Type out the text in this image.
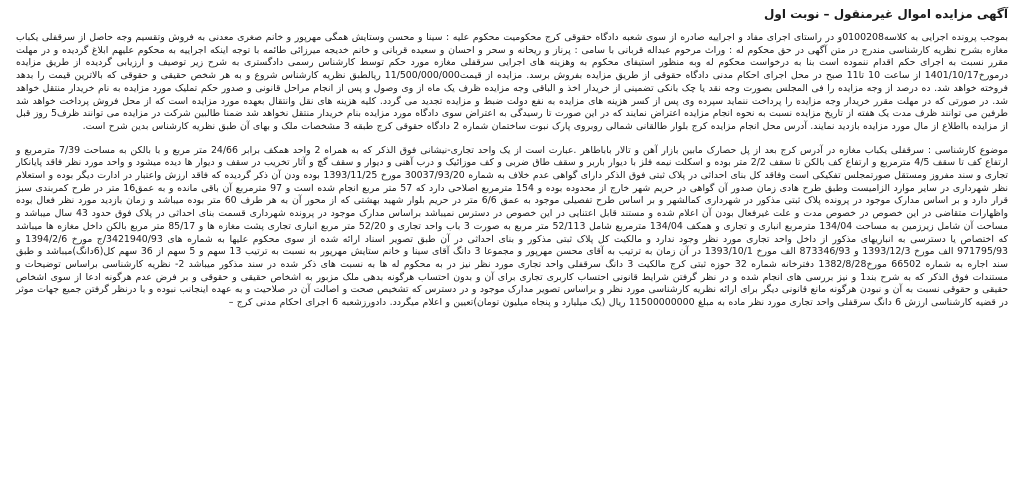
آگهی مزایده اموال غیرمنقول – نوبت اول

بموجب پرونده اجرایی به کلاسه0100208و در راستای اجرای مفاد و اجراییه صادره از سوی شعبه دادگاه حقوقی کرج محکومیت محکوم علیه : سینا و محسن وستایش همگی مهرپور و خانم صغری معدنی به فروش وتقسیم وجه حاصل از سرقفلی یکباب مغازه بشرح نظریه کارشناسی مندرج در متن آگهی در حق محکوم له : وراث مرحوم عبداله قربانی با سامی : پرناز و ریحانه و سحر و احسان و سعیده قربانی و خانم خدیجه میرزائی طائمه با توجه اینکه اجراییه به محکوم علیهم ابلاغ گردیده و در مهلت مقرر نسبت به اجرای حکم اقدام ننموده است بنا به درخواست محکوم له وبه منظور استیفای محکوم به وهزینه های اجرایی سرقفلی مغازه مورد حکم توسط کارشناس رسمی دادگستری به شرح زیر توصیف و ارزیابی گردیده از طریق مزایده درمورخ1401/10/17 از ساعت 10 تا11 صبح در محل اجرای احکام مدنی دادگاه حقوقی از طریق مزایده بفروش برسد. مزایده از قیمت11/500/000/000 ریالطبق نظریه کارشناس شروع و به هر شخص حقیقی و حقوقی که بالاترین قیمت را بدهد فروخته خواهد شد. ده درصد از وجه مزایده را فی المجلس بصورت وجه نقد یا چک بانکی تضمینی از خریدار اخذ و الباقی وجه مزایده ظرف یک ماه از وی وصول و پس از انجام مراحل قانونی و صدور حکم تملیک مورد مزایده به نام خریدار منتقل خواهد شد. در صورتی که در مهلت مقرر خریدار وجه مزایده را پرداخت ننماید سپرده وی پس از کسر هزینه های مزایده به نفع دولت ضبط و مزایده تجدید می گردد. کلیه هزینه های نقل وانتقال بعهده مورد مزایده است که از محل فروش پرداخت خواهد شد طرفین می توانند ظرف مدت یک هفته از تاریخ مزایده نسبت به نحوه انجام مزایده اعتراض نمایند که در این صورت تا رسیدگی به اعتراض سوی دادگاه مورد مزایده بنام خریدار منتقل نخواهد شد ضمنا طالبین شرکت در مزایده می توانند ظرف5 روز قبل از مزایده بااطلاع از مال مورد مزایده بازدید نمایند. آدرس محل انجام مزایده کرج بلوار طالقانی شمالی روبروی پارک نبوت ساختمان شماره 2 دادگاه حقوقی کرج طبقه 3 مشخصات ملک و بهای آن طبق نظریه کارشناس بدین شرح است.

موضوع کارشناسی : سرقفلی یکباب مغازه در آدرس کرج بعد از پل حصارک مابین بازار آهن و تالار باباطاهر .عبارت است از یک واحد تجاری-نیشانی فوق الذکر که به همراه 2 واحد همکف برابر 24/66 متر مربع و با بالکن به مساحت 7/39 مترمربع و ارتفاع کف تا سقف 4/5 مترمربع و ارتفاع کف بالکن تا سقف 2/2 متر بوده و اسکلت نیمه فلز با دیوار باربر و سقف طاق ضربی و کف موزائیک و درب آهنی و دیوار و سقف گچ و آثار تخریب در سقف و دیوار ها دیده میشود و واحد مورد نظر فاقد پایانکار تجاری و سند مفروز ومستقل صورتمجلس تفکیکی است وفاقد کل بنای احداثی در پلاک ثبتی فوق الذکر دارای گواهی عدم خلاف به شماره 30037/93/20 مورخ 1393/11/25 بوده ودن آن ذکر گردیده که فاقد ارزش واعتبار در ادارت دیگر بوده و استعلام نظر شهرداری در سایر موارد الزامیست وطبق طرح هادی زمان صدور آن گواهی در حریم شهر خارج از محدوده بوده و 154 مترمربع اصلاحی دارد که 57 متر مربع انجام شده است و 97 مترمربع آن باقی مانده و به عمق16 متر در طرح کمربندی سبز قرار دارد و بر اساس مدارک موجود در پرونده پلاک ثبتی مذکور در شهرداری کمالشهر و بر اساس طرح تفصیلی موجود به عمق 6/6 متر در حریم بلوار شهید بهشتی که از محور آن به هر طرف 60 متر بوده میباشد و زمان بازدید مورد نظر فعال بوده واظهارات متقاضی در این خصوص در خصوص مدت و علت غیرفعال بودن آن اعلام شده و مستند قابل اعتنایی در این خصوص در دسترس نمیباشد براساس مدارک موجود در پرونده شهرداری قسمت بنای احداثی در پلاک فوق حدود 43 سال میباشد و مساحت آن شامل زیرزمین به مساحت 134/04 مترمربع انباری و تجاری و همکف 134/04 مترمربع شامل 52/113 متر مربع به صورت 3 باب واحد تجاری و 52/20 متر مربع انباری تجاری پشت مغازه ها و 85/17 متر مربع بالکن داخل مغازه ها میباشد که اختصاص یا دسترسی به انباریهای مذکور از داخل واحد تجاری مورد نظر وجود ندارد و مالکیت کل پلاک ثبتی مذکور و بنای احداثی در آن طبق تصویر اسناد ارائه شده از سوی محکوم علیها به شماره های 3421940/93/ج مورخ 1394/2/6 و 971795/93 الف مورخ 1393/12/3 و 873346/93 الف مورخ 1393/10/1 در آن زمان به ترتیب به آقای محسن مهرپور و مجموعا 3 دانگ آقای سینا و خانم ستایش مهرپور به نسبت به ترتیب 13 سهم و 5 سهم از 36 سهم کل(6دانگ)میباشد و طبق سند اجاره به شماره 66502 مورخ1382/8/28 دفترخانه شماره 32 حوزه ثبتی کرج مالکیت 3 دانگ سرقفلی واحد تجاری مورد نظر نیز در به محکوم له ها به نسبت های ذکر شده در سند مذکور میباشد 2- نظریه کارشناسی براساس توضیحات و مستندات فوق الذکر که به شرح بند1 و نیز بررسی های انجام شده و در نظر گرفتن شرایط قانونی احتساب کاربری تجاری برای آن و بدون احتساب هرگونه بدهی ملک مزبور به اشخاص حقیقی و حقوقی و بر فرض عدم هرگونه ادعا از سوی اشخاص حقیقی و حقوقی نسبت به آن و نبودن هرگونه مانع قانونی دیگر برای ارائه نظریه کارشناسی مورد نظر و براساس تصویر مدارک موجود و در دسترس که تشخیص صحت و اصالت آن در صلاحیت و به عهده اینجانب نبوده و با درنظر گرفتن جمیع جهات موثر در قضیه کارشناسی ارزش 6 دانگ سرقفلی واحد تجاری مورد نظر ماده به مبلغ 11500000000 ریال (یک میلیارد و پنجاه میلیون تومان)تعیین و اعلام میگردد. دادورزشعبه 6 اجرای احکام مدنی کرج –
